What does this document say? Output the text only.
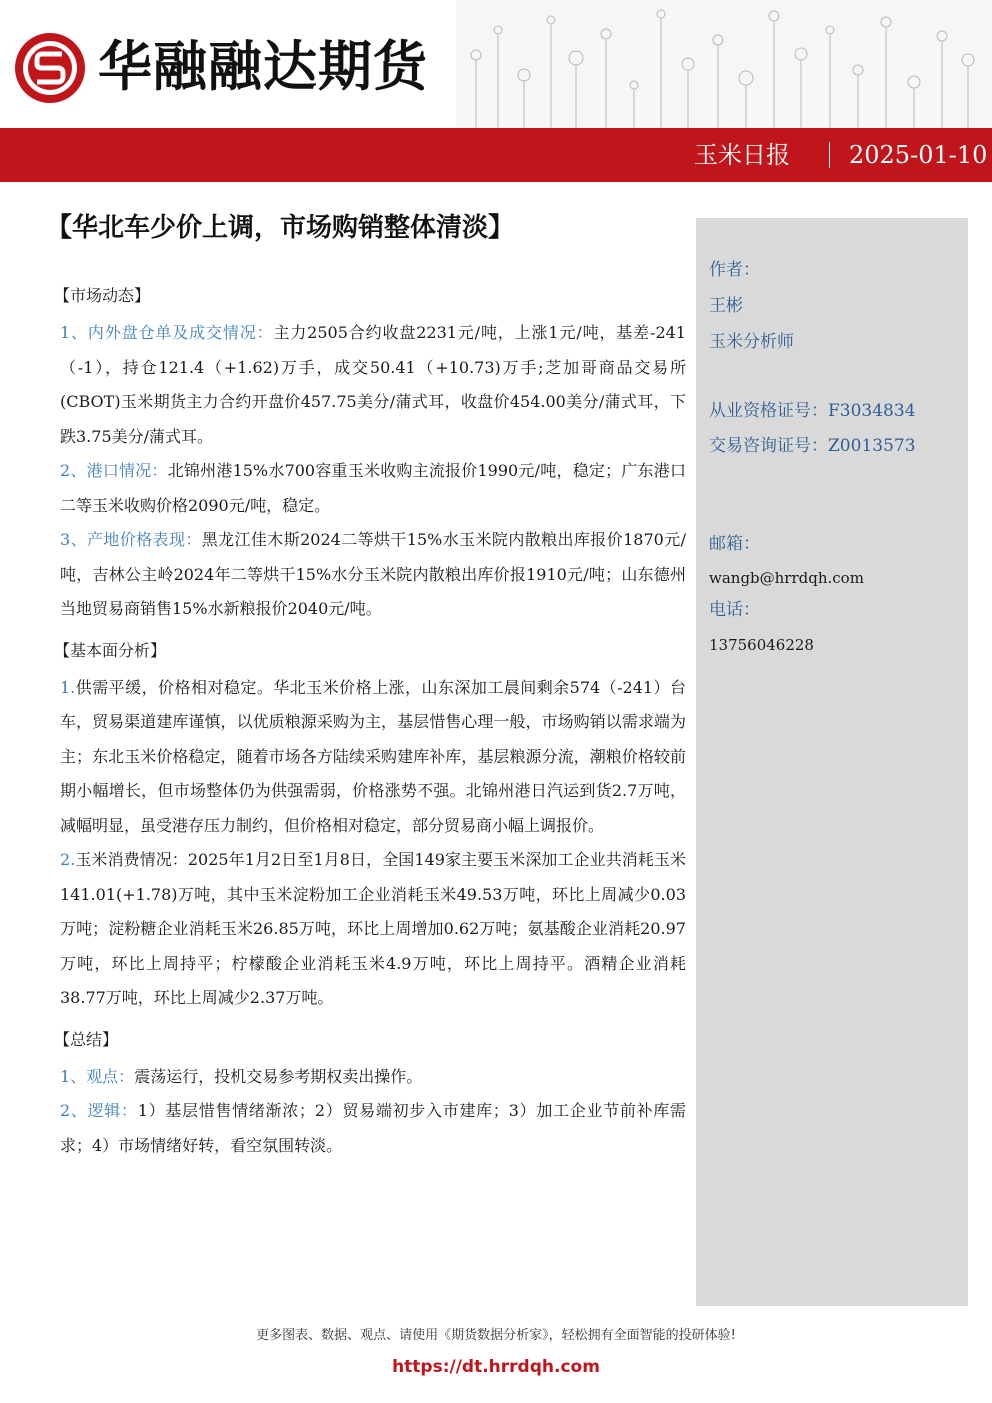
华融融达期货
玉米日报 2025-01-10
【华北车少价上调，市场购销整体清淡】
作者：
王彬
玉米分析师
从业资格证号：F3034834
交易咨询证号：Z0013573
邮箱：
wangb@hrrdqh.com
电话：
13756046228
【市场动态】

1、内外盘仓单及成交情况：主力2505合约收盘2231元/吨，上涨1元/吨，基差-241（-1），持仓121.4（+1.62)万手，成交50.41（+10.73)万手;芝加哥商品交易所(CBOT)玉米期货主力合约开盘价457.75美分/蒲式耳，收盘价454.00美分/蒲式耳，下跌3.75美分/蒲式耳。

2、港口情况：北锦州港15%水700容重玉米收购主流报价1990元/吨，稳定；广东港口二等玉米收购价格2090元/吨，稳定。

3、产地价格表现：黑龙江佳木斯2024二等烘干15%水玉米院内散粮出库报价1870元/吨，吉林公主岭2024年二等烘干15%水分玉米院内散粮出库价报1910元/吨；山东德州当地贸易商销售15%水新粮报价2040元/吨。

【基本面分析】

1.供需平缓，价格相对稳定。华北玉米价格上涨，山东深加工晨间剩余574（-241）台车，贸易渠道建库谨慎，以优质粮源采购为主，基层惜售心理一般，市场购销以需求端为主；东北玉米价格稳定，随着市场各方陆续采购建库补库，基层粮源分流，潮粮价格较前期小幅增长，但市场整体仍为供强需弱，价格涨势不强。北锦州港日汽运到货2.7万吨，减幅明显，虽受港存压力制约，但价格相对稳定，部分贸易商小幅上调报价。

2.玉米消费情况：2025年1月2日至1月8日，全国149家主要玉米深加工企业共消耗玉米141.01(+1.78)万吨，其中玉米淀粉加工企业消耗玉米49.53万吨，环比上周减少0.03万吨；淀粉糖企业消耗玉米26.85万吨，环比上周增加0.62万吨；氨基酸企业消耗20.97万吨，环比上周持平；柠檬酸企业消耗玉米4.9万吨，环比上周持平。酒精企业消耗38.77万吨，环比上周减少2.37万吨。

【总结】

1、观点：震荡运行，投机交易参考期权卖出操作。

2、逻辑：1）基层惜售情绪渐浓；2）贸易端初步入市建库；3）加工企业节前补库需求；4）市场情绪好转，看空氛围转淡。

更多图表、数据、观点、请使用《期货数据分析家》，轻松拥有全面智能的投研体验!
https://dt.hrrdqh.com
